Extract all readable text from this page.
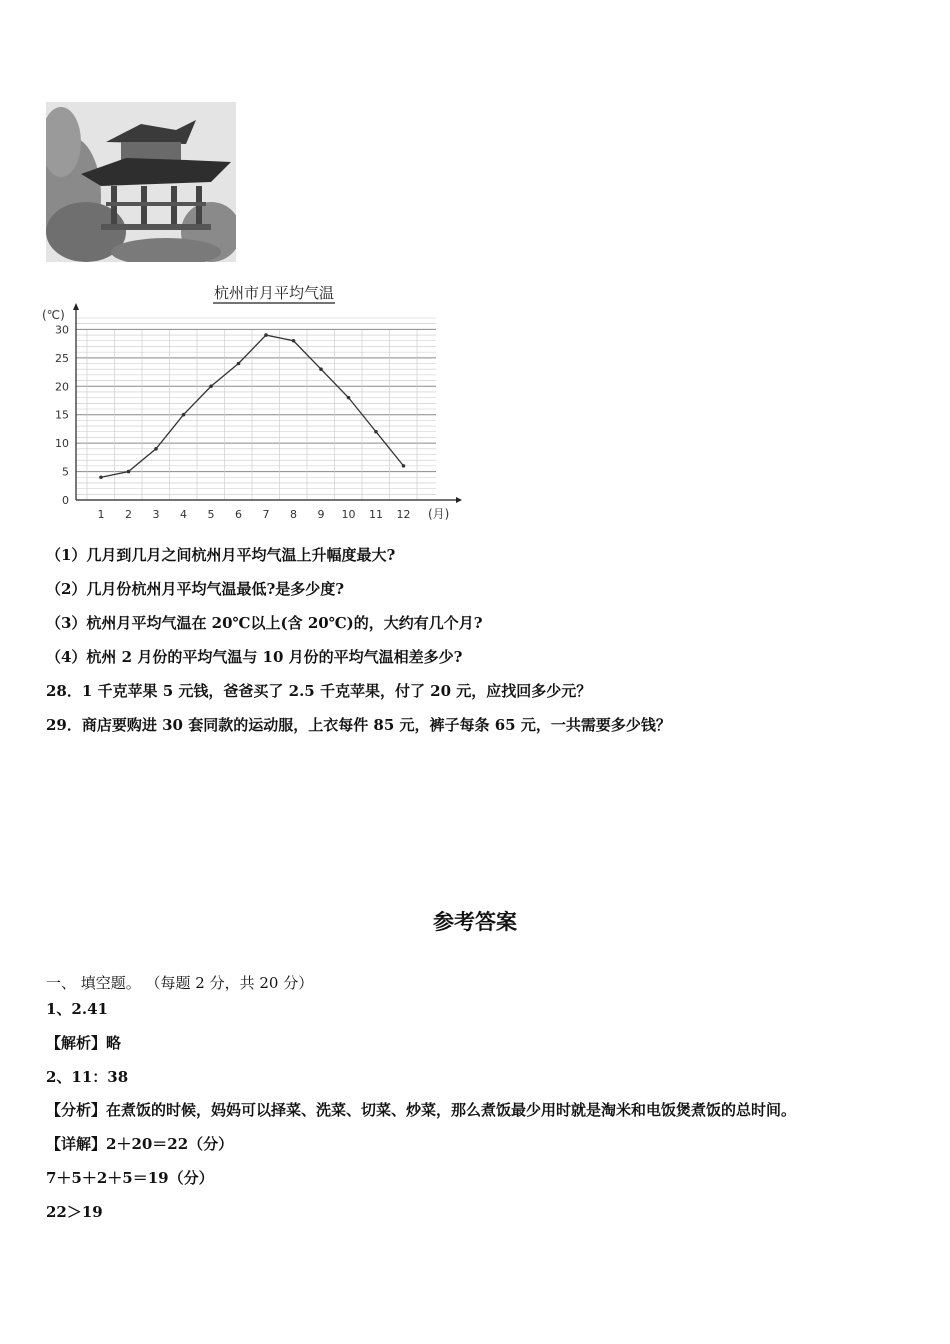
杭州市月平均气温
(℃)
(月)
0
5
10
15
20
25
30
1 2 3 4 5 6 7 8 9 10 11 12
（1）几月到几月之间杭州月平均气温上升幅度最大?
（2）几月份杭州月平均气温最低?是多少度?
（3）杭州月平均气温在 20℃以上(含 20℃)的，大约有几个月?
（4）杭州 2 月份的平均气温与 10 月份的平均气温相差多少?
28．1 千克苹果 5 元钱，爸爸买了 2.5 千克苹果，付了 20 元，应找回多少元？
29．商店要购进 30 套同款的运动服，上衣每件 85 元，裤子每条 65 元，一共需要多少钱？
参考答案
一、 填空题。 （每题 2 分，共 20 分）
1、2.41
【解析】略
2、11：38
【分析】在煮饭的时候，妈妈可以择菜、洗菜、切菜、炒菜，那么煮饭最少用时就是淘米和电饭煲煮饭的总时间。
【详解】2＋20＝22（分）
7＋5＋2＋5＝19（分）
22＞19
